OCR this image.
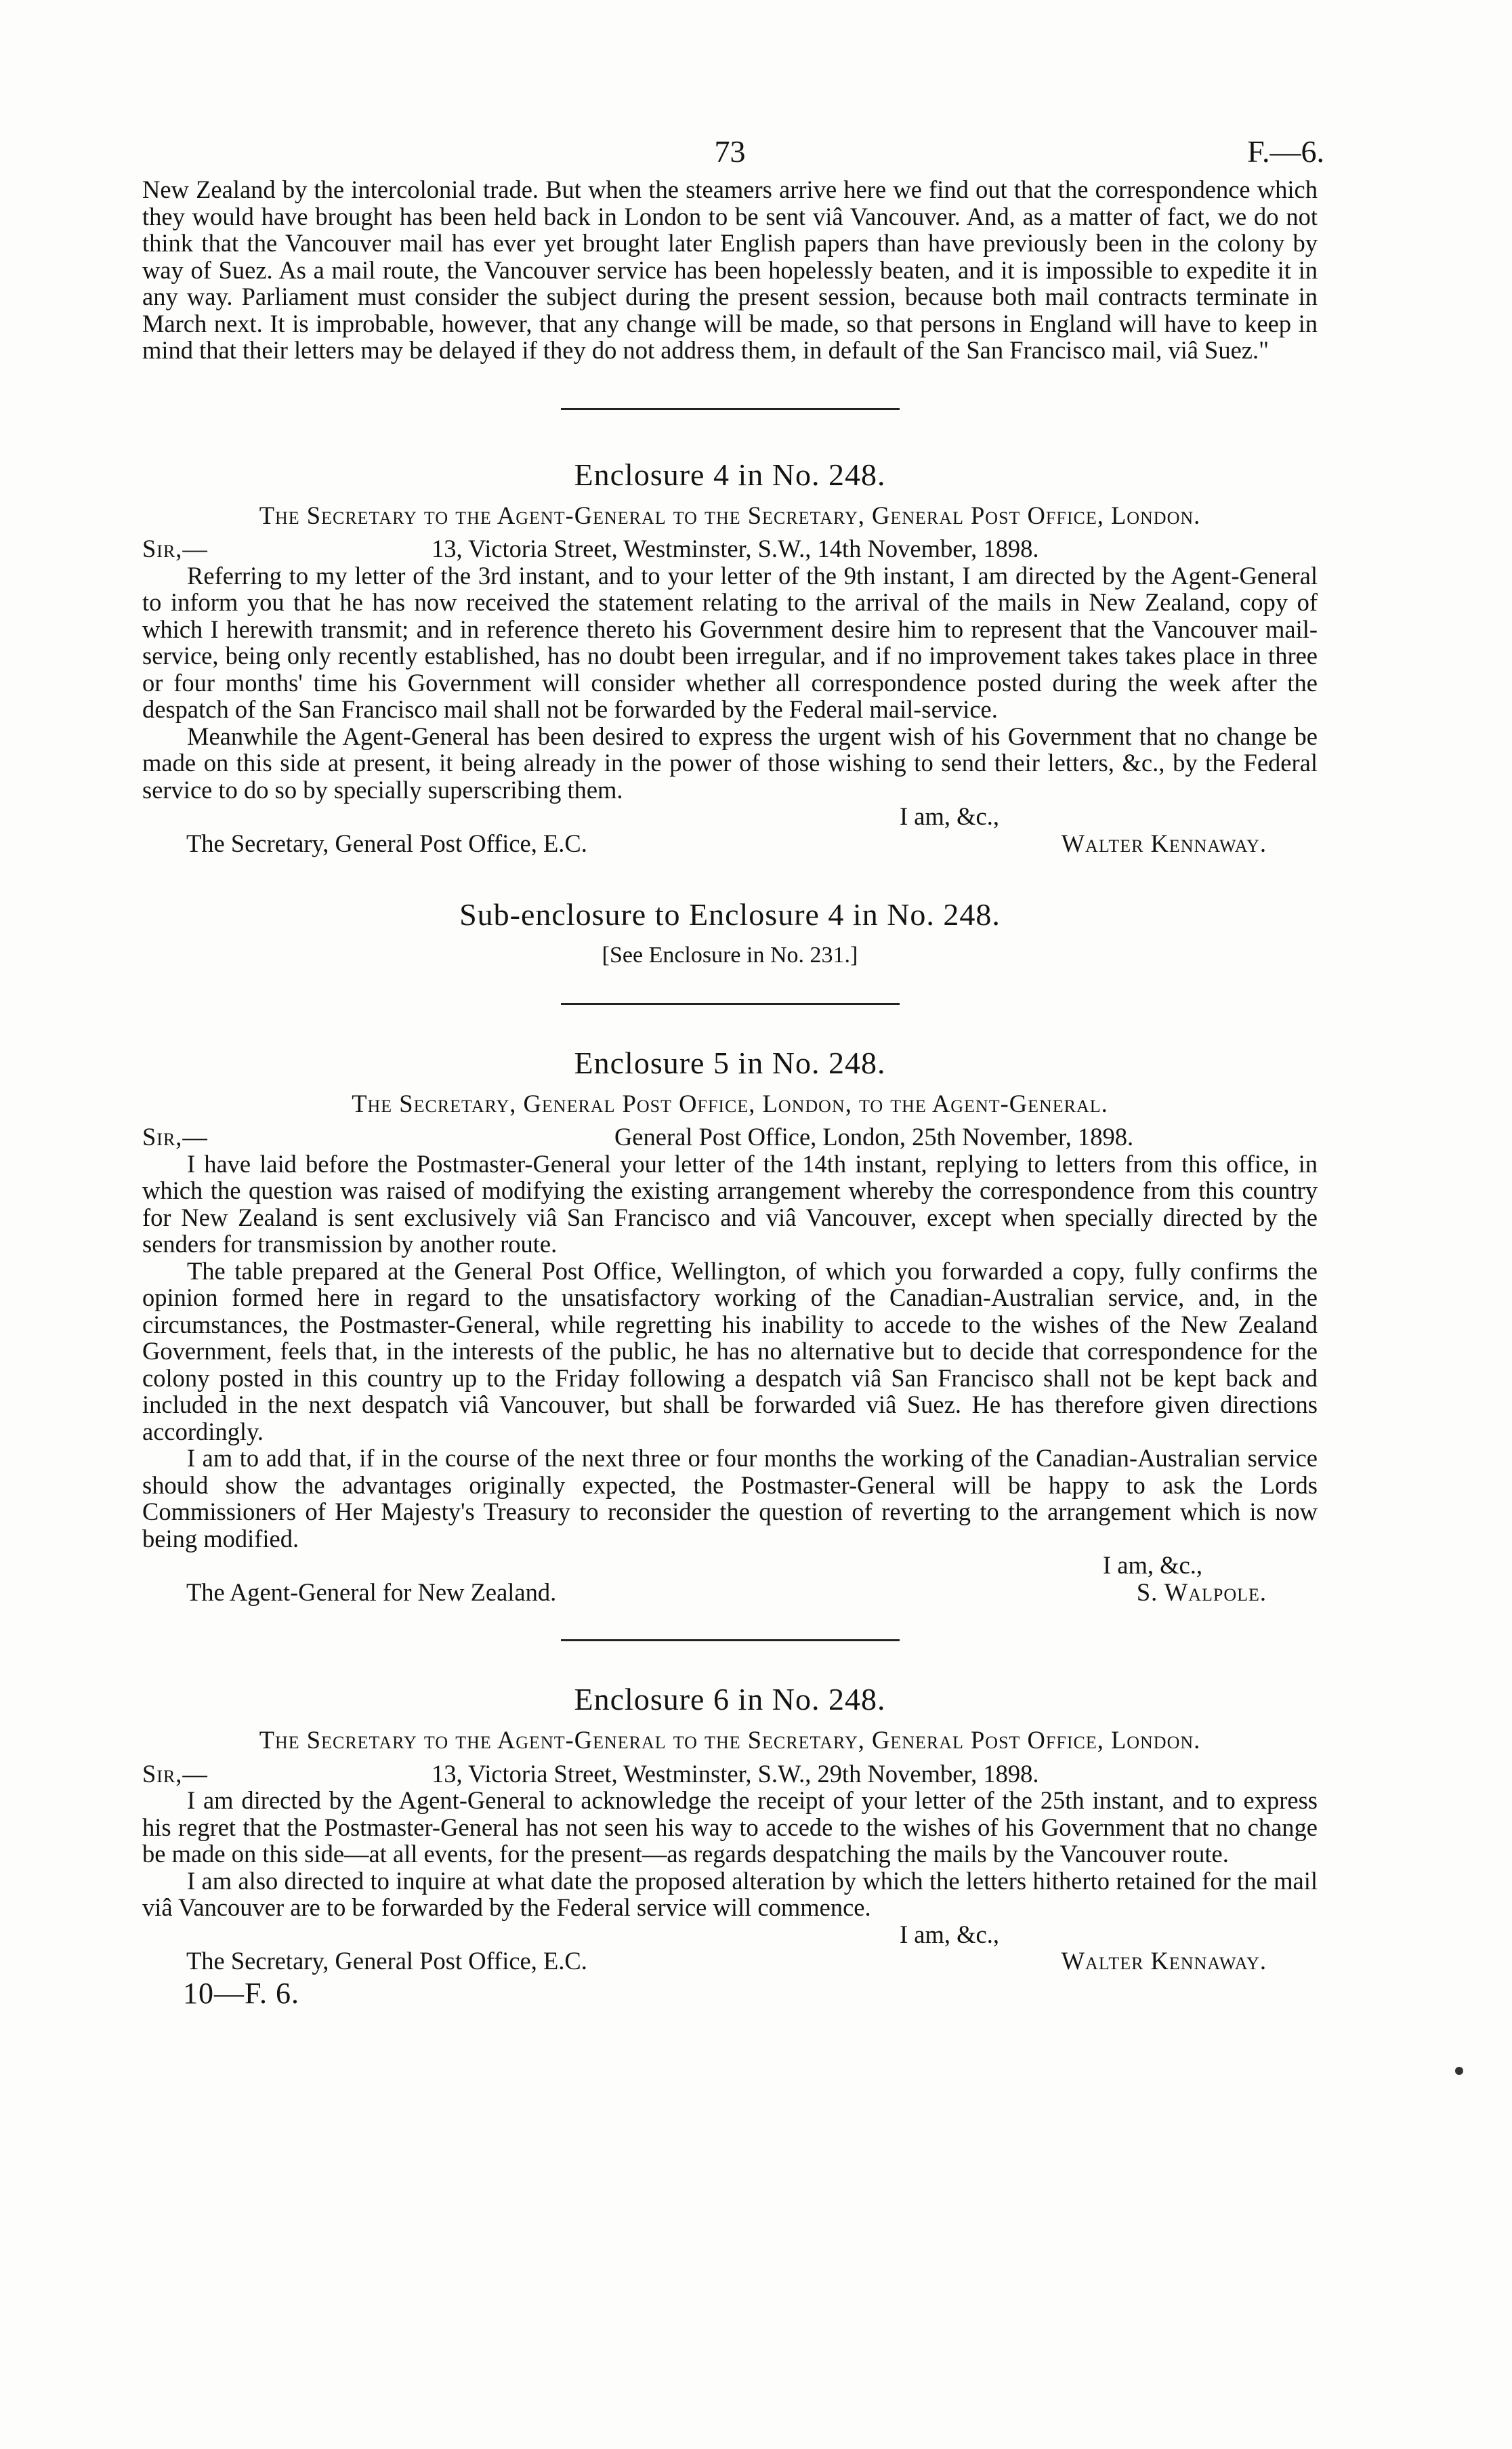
73	F.—6.

New Zealand by the intercolonial trade. But when the steamers arrive here we find out that the correspondence which they would have brought has been held back in London to be sent viâ Vancouver. And, as a matter of fact, we do not think that the Vancouver mail has ever yet brought later English papers than have previously been in the colony by way of Suez. As a mail route, the Vancouver service has been hopelessly beaten, and it is impossible to expedite it in any way. Parliament must consider the subject during the present session, because both mail contracts terminate in March next. It is improbable, however, that any change will be made, so that persons in England will have to keep in mind that their letters may be delayed if they do not address them, in default of the San Francisco mail, viâ Suez."

Enclosure 4 in No. 248.
The Secretary to the Agent-General to the Secretary, General Post Office, London.
Sir,—	13, Victoria Street, Westminster, S.W., 14th November, 1898.

Referring to my letter of the 3rd instant, and to your letter of the 9th instant, I am directed by the Agent-General to inform you that he has now received the statement relating to the arrival of the mails in New Zealand, copy of which I herewith transmit; and in reference thereto his Government desire him to represent that the Vancouver mail-service, being only recently established, has no doubt been irregular, and if no improvement takes takes place in three or four months' time his Government will consider whether all correspondence posted during the week after the despatch of the San Francisco mail shall not be forwarded by the Federal mail-service.

Meanwhile the Agent-General has been desired to express the urgent wish of his Government that no change be made on this side at present, it being already in the power of those wishing to send their letters, &c., by the Federal service to do so by specially superscribing them.

I am, &c.,
The Secretary, General Post Office, E.C.	Walter Kennaway.
Sub-enclosure to Enclosure 4 in No. 248.
[See Enclosure in No. 231.]
Enclosure 5 in No. 248.
The Secretary, General Post Office, London, to the Agent-General.
Sir,—	General Post Office, London, 25th November, 1898.

I have laid before the Postmaster-General your letter of the 14th instant, replying to letters from this office, in which the question was raised of modifying the existing arrangement whereby the correspondence from this country for New Zealand is sent exclusively viâ San Francisco and viâ Vancouver, except when specially directed by the senders for transmission by another route.

The table prepared at the General Post Office, Wellington, of which you forwarded a copy, fully confirms the opinion formed here in regard to the unsatisfactory working of the Canadian-Australian service, and, in the circumstances, the Postmaster-General, while regretting his inability to accede to the wishes of the New Zealand Government, feels that, in the interests of the public, he has no alternative but to decide that correspondence for the colony posted in this country up to the Friday following a despatch viâ San Francisco shall not be kept back and included in the next despatch viâ Vancouver, but shall be forwarded viâ Suez. He has therefore given directions accordingly.

I am to add that, if in the course of the next three or four months the working of the Canadian-Australian service should show the advantages originally expected, the Postmaster-General will be happy to ask the Lords Commissioners of Her Majesty's Treasury to reconsider the question of reverting to the arrangement which is now being modified.

I am, &c.,
The Agent-General for New Zealand.	S. Walpole.
Enclosure 6 in No. 248.
The Secretary to the Agent-General to the Secretary, General Post Office, London.
Sir,—	13, Victoria Street, Westminster, S.W., 29th November, 1898.

I am directed by the Agent-General to acknowledge the receipt of your letter of the 25th instant, and to express his regret that the Postmaster-General has not seen his way to accede to the wishes of his Government that no change be made on this side—at all events, for the present—as regards despatching the mails by the Vancouver route.

I am also directed to inquire at what date the proposed alteration by which the letters hitherto retained for the mail viâ Vancouver are to be forwarded by the Federal service will commence.

I am, &c.,
The Secretary, General Post Office, E.C.	Walter Kennaway.
10—F. 6.
